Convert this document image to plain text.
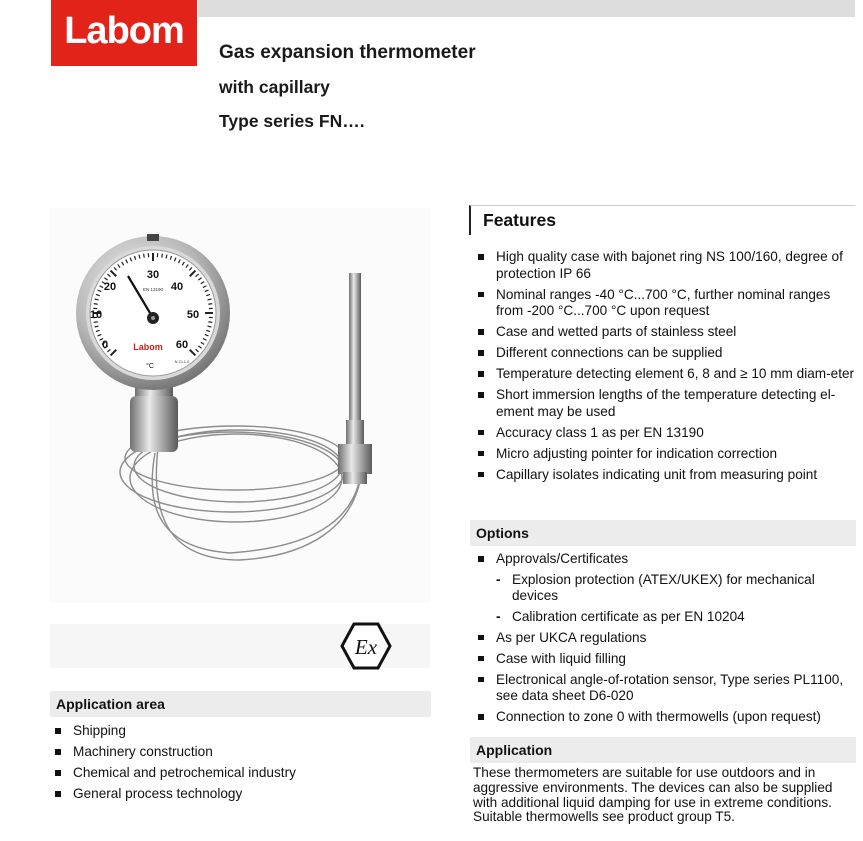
Labom
Gas expansion thermometer
with capillary
Type series FN….
0
10
20
30
40
50
60
EN 13190
Labom
°C
N CL1.0
Ex
Application area
Shipping
Machinery construction
Chemical and petrochemical industry
General process technology
Features
High quality case with bajonet ring NS 100/160, degree of protection IP 66
Nominal ranges -40 °C...700 °C, further nominal ranges from -200 °C...700 °C upon request
Case and wetted parts of stainless steel
Different connections can be supplied
Temperature detecting element 6, 8 and ≥ 10 mm diam-eter
Short immersion lengths of the temperature detecting el-ement may be used
Accuracy class 1 as per EN 13190
Micro adjusting pointer for indication correction
Capillary isolates indicating unit from measuring point
Options
Approvals/Certificates
- Explosion protection (ATEX/UKEX) for mechanical devices
- Calibration certificate as per EN 10204
As per UKCA regulations
Case with liquid filling
Electronical angle-of-rotation sensor, Type series PL1100, see data sheet D6-020
Connection to zone 0 with thermowells (upon request)
Application
These thermometers are suitable for use outdoors and in aggressive environments. The devices can also be supplied with additional liquid damping for use in extreme conditions. Suitable thermowells see product group T5.
